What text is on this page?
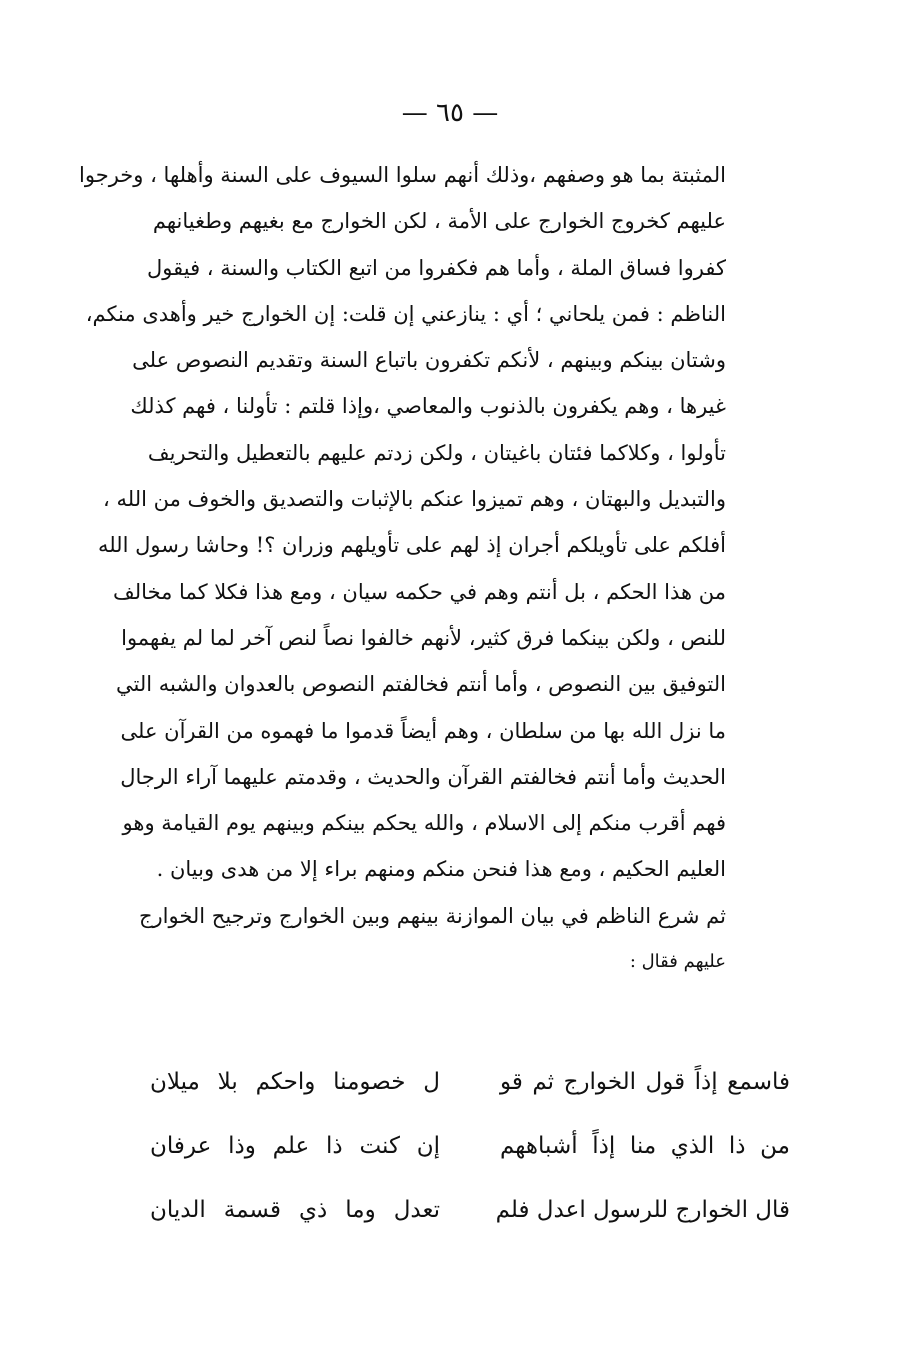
— ٦٥ —
المثبتة بما هو وصفهم ،وذلك أنهم سلوا السيوف على السنة وأهلها ، وخرجوا
عليهم كخروج الخوارج على الأمة ، لكن الخوارج مع بغيهم وطغيانهم
كفروا فساق الملة ، وأما هم فكفروا من اتبع الكتاب والسنة ، فيقول
الناظم : فمن يلحاني ؛ أي : ينازعني إن قلت: إن الخوارج خير وأهدى منكم،
وشتان بينكم وبينهم ، لأنكم تكفرون باتباع السنة وتقديم النصوص على
غيرها ، وهم يكفرون بالذنوب والمعاصي ،وإذا قلتم : تأولنا ، فهم كذلك
تأولوا ، وكلاكما فئتان باغيتان ، ولكن زدتم عليهم بالتعطيل والتحريف
والتبديل والبهتان ، وهم تميزوا عنكم بالإثبات والتصديق والخوف من الله ،
أفلكم على تأويلكم أجران إذ لهم على تأويلهم وزران ؟! وحاشا رسول الله
من هذا الحكم ، بل أنتم وهم في حكمه سيان ، ومع هذا فكلا كما مخالف
للنص ، ولكن بينكما فرق كثير، لأنهم خالفوا نصاً لنص آخر لما لم يفهموا
التوفيق بين النصوص ، وأما أنتم فخالفتم النصوص بالعدوان والشبه التي
ما نزل الله بها من سلطان ، وهم أيضاً قدموا ما فهموه من القرآن على
الحديث وأما أنتم فخالفتم القرآن والحديث ، وقدمتم عليهما آراء الرجال
فهم أقرب منكم إلى الاسلام ، والله يحكم بينكم وبينهم يوم القيامة وهو
العليم الحكيم ، ومع هذا فنحن منكم ومنهم براء إلا من هدى وبيان .
ثم شرع الناظم في بيان الموازنة بينهم وبين الخوارج وترجيح الخوارج
عليهم فقال :
فاسمع إذاً قول الخوارج ثم قو
ل خصومنا واحكم بلا ميلان
من ذا الذي منا إذاً أشباههم
إن كنت ذا علم وذا عرفان
قال الخوارج للرسول اعدل فلم
تعدل وما ذي قسمة الديان
